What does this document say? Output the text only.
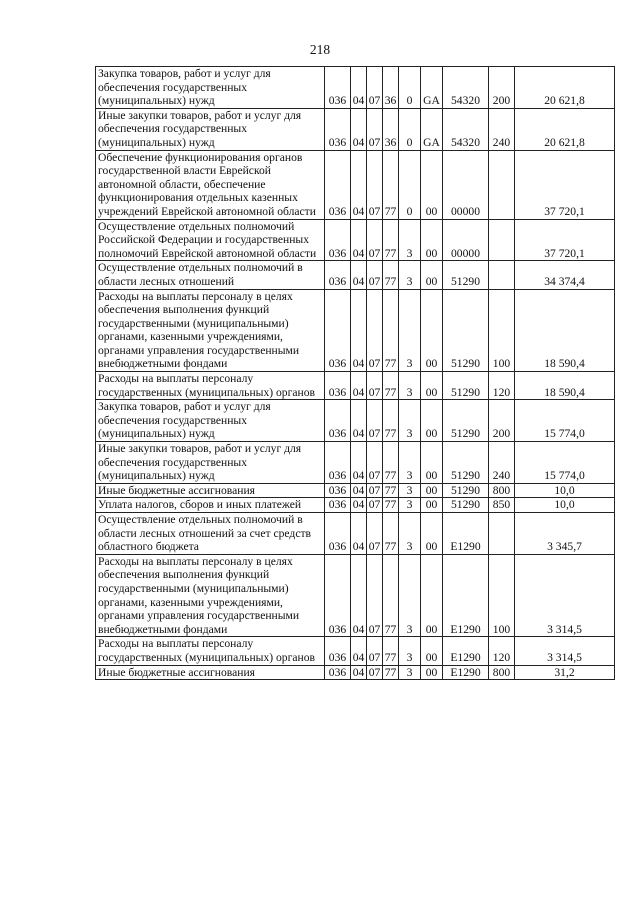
218
Закупка товаров, работ и услуг для обеспечения государственных (муниципальных) нужд	036	04	07	36	0	GA	54320	200	20 621,8
Иные закупки товаров, работ и услуг для обеспечения государственных (муниципальных) нужд	036	04	07	36	0	GA	54320	240	20 621,8
Обеспечение функционирования органов государственной власти Еврейской автономной области, обеспечение функционирования отдельных казенных учреждений Еврейской автономной области	036	04	07	77	0	00	00000		37 720,1
Осуществление отдельных полномочий Российской Федерации и государственных полномочий Еврейской автономной области	036	04	07	77	3	00	00000		37 720,1
Осуществление отдельных полномочий в области лесных отношений	036	04	07	77	3	00	51290		34 374,4
Расходы на выплаты персоналу в целях обеспечения выполнения функций государственными (муниципальными) органами, казенными учреждениями, органами управления государственными внебюджетными фондами	036	04	07	77	3	00	51290	100	18 590,4
Расходы на выплаты персоналу государственных (муниципальных) органов	036	04	07	77	3	00	51290	120	18 590,4
Закупка товаров, работ и услуг для обеспечения государственных (муниципальных) нужд	036	04	07	77	3	00	51290	200	15 774,0
Иные закупки товаров, работ и услуг для обеспечения государственных (муниципальных) нужд	036	04	07	77	3	00	51290	240	15 774,0
Иные бюджетные ассигнования	036	04	07	77	3	00	51290	800	10,0
Уплата налогов, сборов и иных платежей	036	04	07	77	3	00	51290	850	10,0
Осуществление отдельных полномочий в области лесных отношений за счет средств областного бюджета	036	04	07	77	3	00	E1290		3 345,7
Расходы на выплаты персоналу в целях обеспечения выполнения функций государственными (муниципальными) органами, казенными учреждениями, органами управления государственными внебюджетными фондами	036	04	07	77	3	00	E1290	100	3 314,5
Расходы на выплаты персоналу государственных (муниципальных) органов	036	04	07	77	3	00	E1290	120	3 314,5
Иные бюджетные ассигнования	036	04	07	77	3	00	E1290	800	31,2
